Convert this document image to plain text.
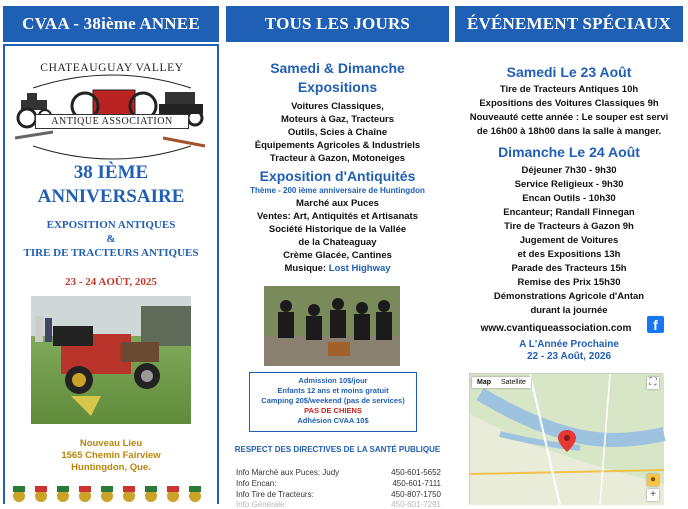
CVAA - 38ième ANNEE	TOUS LES JOURS	ÉVÉNEMENT SPÉCIAUX
CHATEAUGUAY VALLEY
ANTIQUE ASSOCIATION
38 IÈME
ANNIVERSAIRE
EXPOSITION ANTIQUES
&
TIRE DE TRACTEURS ANTIQUES
23 - 24 AOÛT, 2025
Nouveau Lieu
1565 Chemin Fairview
Huntingdon, Que.
Samedi & Dimanche
Expositions
Voitures Classiques,
Moteurs à Gaz, Tracteurs
Outils, Scies à Chaîne
Équipements Agricoles & Industriels
Tracteur à Gazon, Motoneiges
Exposition d'Antiquités
Thème - 200 ième anniversaire de Huntingdon
Marché aux Puces
Ventes: Art, Antiquités et Artisanats
Société Historique de la Vallée
de la Chateaguay
Crème Glacée, Cantines
Musique: Lost Highway
Admission 10$/jour
Enfants 12 ans et moins gratuit
Camping 20$/weekend (pas de services)
PAS DE CHIENS
Adhésion CVAA 10$
RESPECT DES DIRECTIVES DE LA SANTÉ PUBLIQUE
Info Marché aux Puces: Judy	450-601-5652
Info Encan:	450-601-7111
Info Tire de Tracteurs:	450-807-1750
Info Générale:	450-601-7291
Samedi Le 23 Août
Tire de Tracteurs Antiques 10h
Expositions des Voitures Classiques 9h
Nouveauté cette année : Le souper est servi
de 16h00 à 18h00 dans la salle à manger.
Dimanche Le 24 Août
Déjeuner 7h30 - 9h30
Service Religieux - 9h30
Encan Outils - 10h30
Encanteur; Randall Finnegan
Tire de Tracteurs à Gazon 9h
Jugement de Voitures
et des Expositions 13h
Parade des Tracteurs 15h
Remise des Prix 15h30
Démonstrations Agricole d'Antan
durant la journée
www.cvantiqueassociation.com	f
A L'Année Prochaine
22 - 23 Août, 2026
Map	Satellite	⛶
●
+
